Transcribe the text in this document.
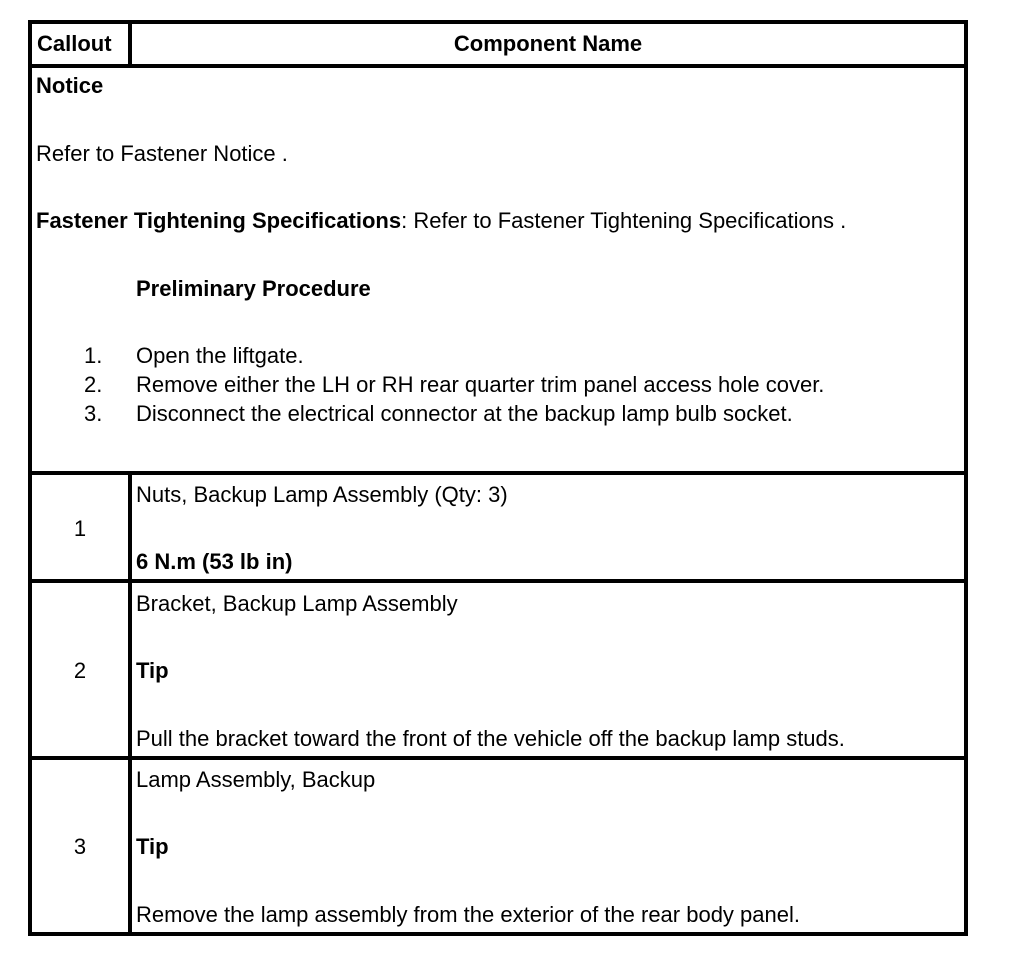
Callout	Component Name
Notice
Refer to Fastener Notice .
Fastener Tightening Specifications: Refer to Fastener Tightening Specifications .
Preliminary Procedure
1. Open the liftgate.
2. Remove either the LH or RH rear quarter trim panel access hole cover.
3. Disconnect the electrical connector at the backup lamp bulb socket.
1
Nuts, Backup Lamp Assembly (Qty: 3)
6 N.m (53 lb in)
2
Bracket, Backup Lamp Assembly
Tip
Pull the bracket toward the front of the vehicle off the backup lamp studs.
3
Lamp Assembly, Backup
Tip
Remove the lamp assembly from the exterior of the rear body panel.
